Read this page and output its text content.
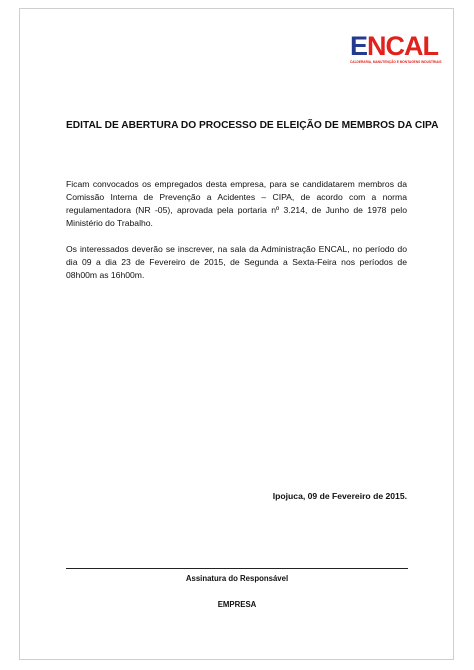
ENCAL
CALDERARIA, MANUTENÇÃO E MONTAGENS INDUSTRIAIS
EDITAL DE ABERTURA DO PROCESSO DE ELEIÇÃO DE MEMBROS DA CIPA

Ficam convocados os empregados desta empresa, para se candidatarem membros da Comissão Interna de Prevenção a Acidentes – CIPA, de acordo com a norma regulamentadora (NR -05), aprovada pela portaria nº 3.214, de Junho de 1978 pelo Ministério do Trabalho.

Os interessados deverão se inscrever, na sala da Administração ENCAL, no período do dia 09 a dia 23 de Fevereiro de 2015, de Segunda a Sexta-Feira nos períodos de 08h00m as 16h00m.

Ipojuca, 09 de Fevereiro de 2015.
Assinatura do Responsável
EMPRESA
